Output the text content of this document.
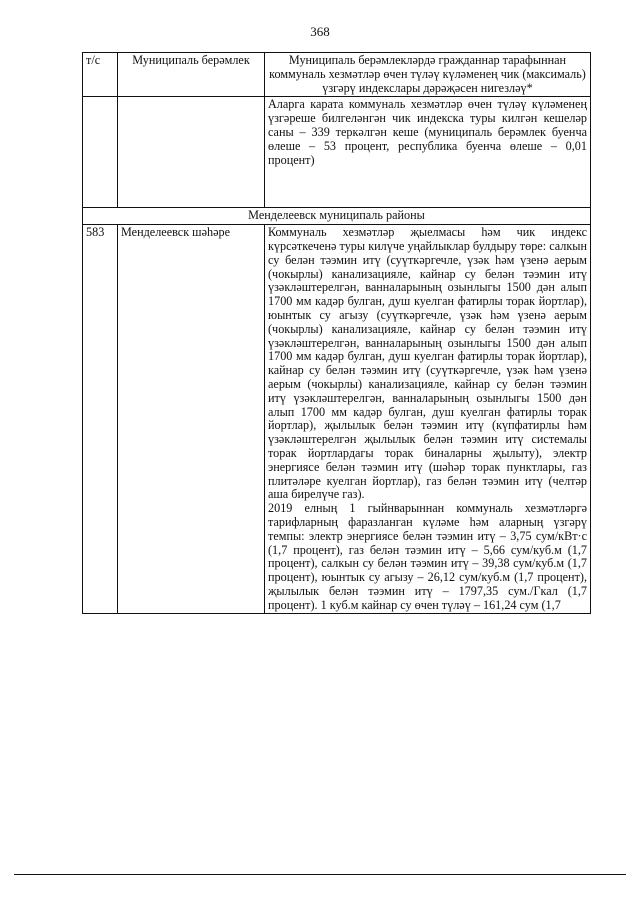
368
т/с	Муниципаль берәмлек	Муниципаль берәмлекләрдә гражданнар тарафыннан коммуналь хезмәтләр өчен түләү күләменең чик (максималь) үзгәрү индекслары дәрәҗәсен нигезләү*
		Аларга карата коммуналь хезмәтләр өчен түләү күләменең үзгәреше билгеләнгән чик индекска туры килгән кешеләр саны – 339 теркәлгән кеше (муниципаль берәмлек буенча өлеше – 53 процент, республика буенча өлеше – 0,01 процент)
Менделеевск муниципаль районы		
583	Менделеевск шәһәре	Коммуналь хезмәтләр җыелмасы һәм чик индекс күрсәткеченә туры килүче уңайлыклар булдыру төре: салкын су белән тәэмин итү (суүткәргечле, үзәк һәм үзенә аерым (чокырлы) канализацияле, кайнар су белән тәэмин итү үзәкләштерелгән, ванналарының озынлыгы 1500 дән алып 1700 мм кадәр булган, душ куелган фатирлы торак йортлар), юынтык су агызу (суүткәргечле, үзәк һәм үзенә аерым (чокырлы) канализацияле, кайнар су белән тәэмин итү үзәкләштерелгән, ванналарының озынлыгы 1500 дән алып 1700 мм кадәр булган, душ куелган фатирлы торак йортлар), кайнар су белән тәэмин итү (суүткәргечле, үзәк һәм үзенә аерым (чокырлы) канализацияле, кайнар су белән тәэмин итү үзәкләштерелгән, ванналарының озынлыгы 1500 дән алып 1700 мм кадәр булган, душ куелган фатирлы торак йортлар), җылылык белән тәэмин итү (күпфатирлы һәм үзәкләштерелгән җылылык белән тәэмин итү системалы торак йортлардагы торак биналарны җылыту), электр энергиясе белән тәэмин итү (шәһәр торак пунктлары, газ плитәләре куелган йортлар), газ белән тәэмин итү (челтәр аша бирелүче газ).
2019 елның 1 гыйнварыннан коммуналь хезмәтләргә тарифларның фаразланган күләме һәм аларның үзгәрү темпы: электр энергиясе белән тәэмин итү – 3,75 сум/кВт·с (1,7 процент), газ белән тәэмин итү – 5,66 сум/куб.м (1,7 процент), салкын су белән тәэмин итү – 39,38 сум/куб.м (1,7 процент), юынтык су агызу – 26,12 сум/куб.м (1,7 процент), җылылык белән тәэмин итү – 1797,35 сум./Гкал (1,7 процент). 1 куб.м кайнар су өчен түләү – 161,24 сум (1,7
